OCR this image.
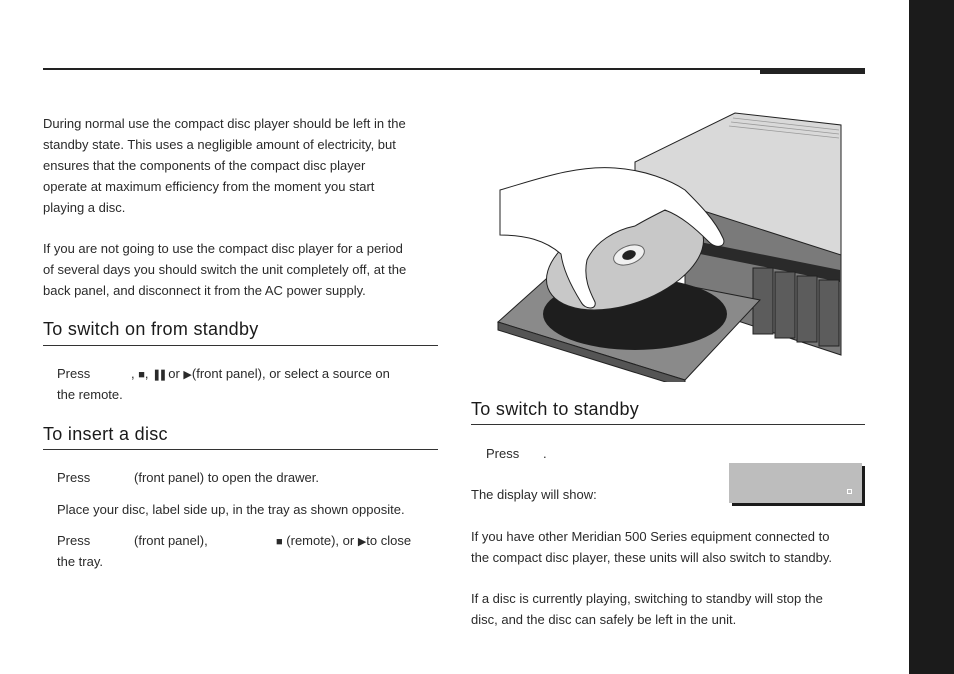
During normal use the compact disc player should be left in the
standby state. This uses a negligible amount of electricity, but
ensures that the components of the compact disc player
operate at maximum efficiency from the moment you start
playing a disc.
If you are not going to use the compact disc player for a period
of several days you should switch the unit completely off, at the
back panel, and disconnect it from the AC power supply.
To switch on from standby
Press	, ■, ❚❚ or ▶(front panel), or select a source on
the remote.
To insert a disc
Press	(front panel) to open the drawer.
Place your disc, label side up, in the tray as shown opposite.
Press	(front panel),	■ (remote), or ▶to close
the tray.
To switch to standby
Press .
The display will show:
If you have other Meridian 500 Series equipment connected to
the compact disc player, these units will also switch to standby.
If a disc is currently playing, switching to standby will stop the
disc, and the disc can safely be left in the unit.
